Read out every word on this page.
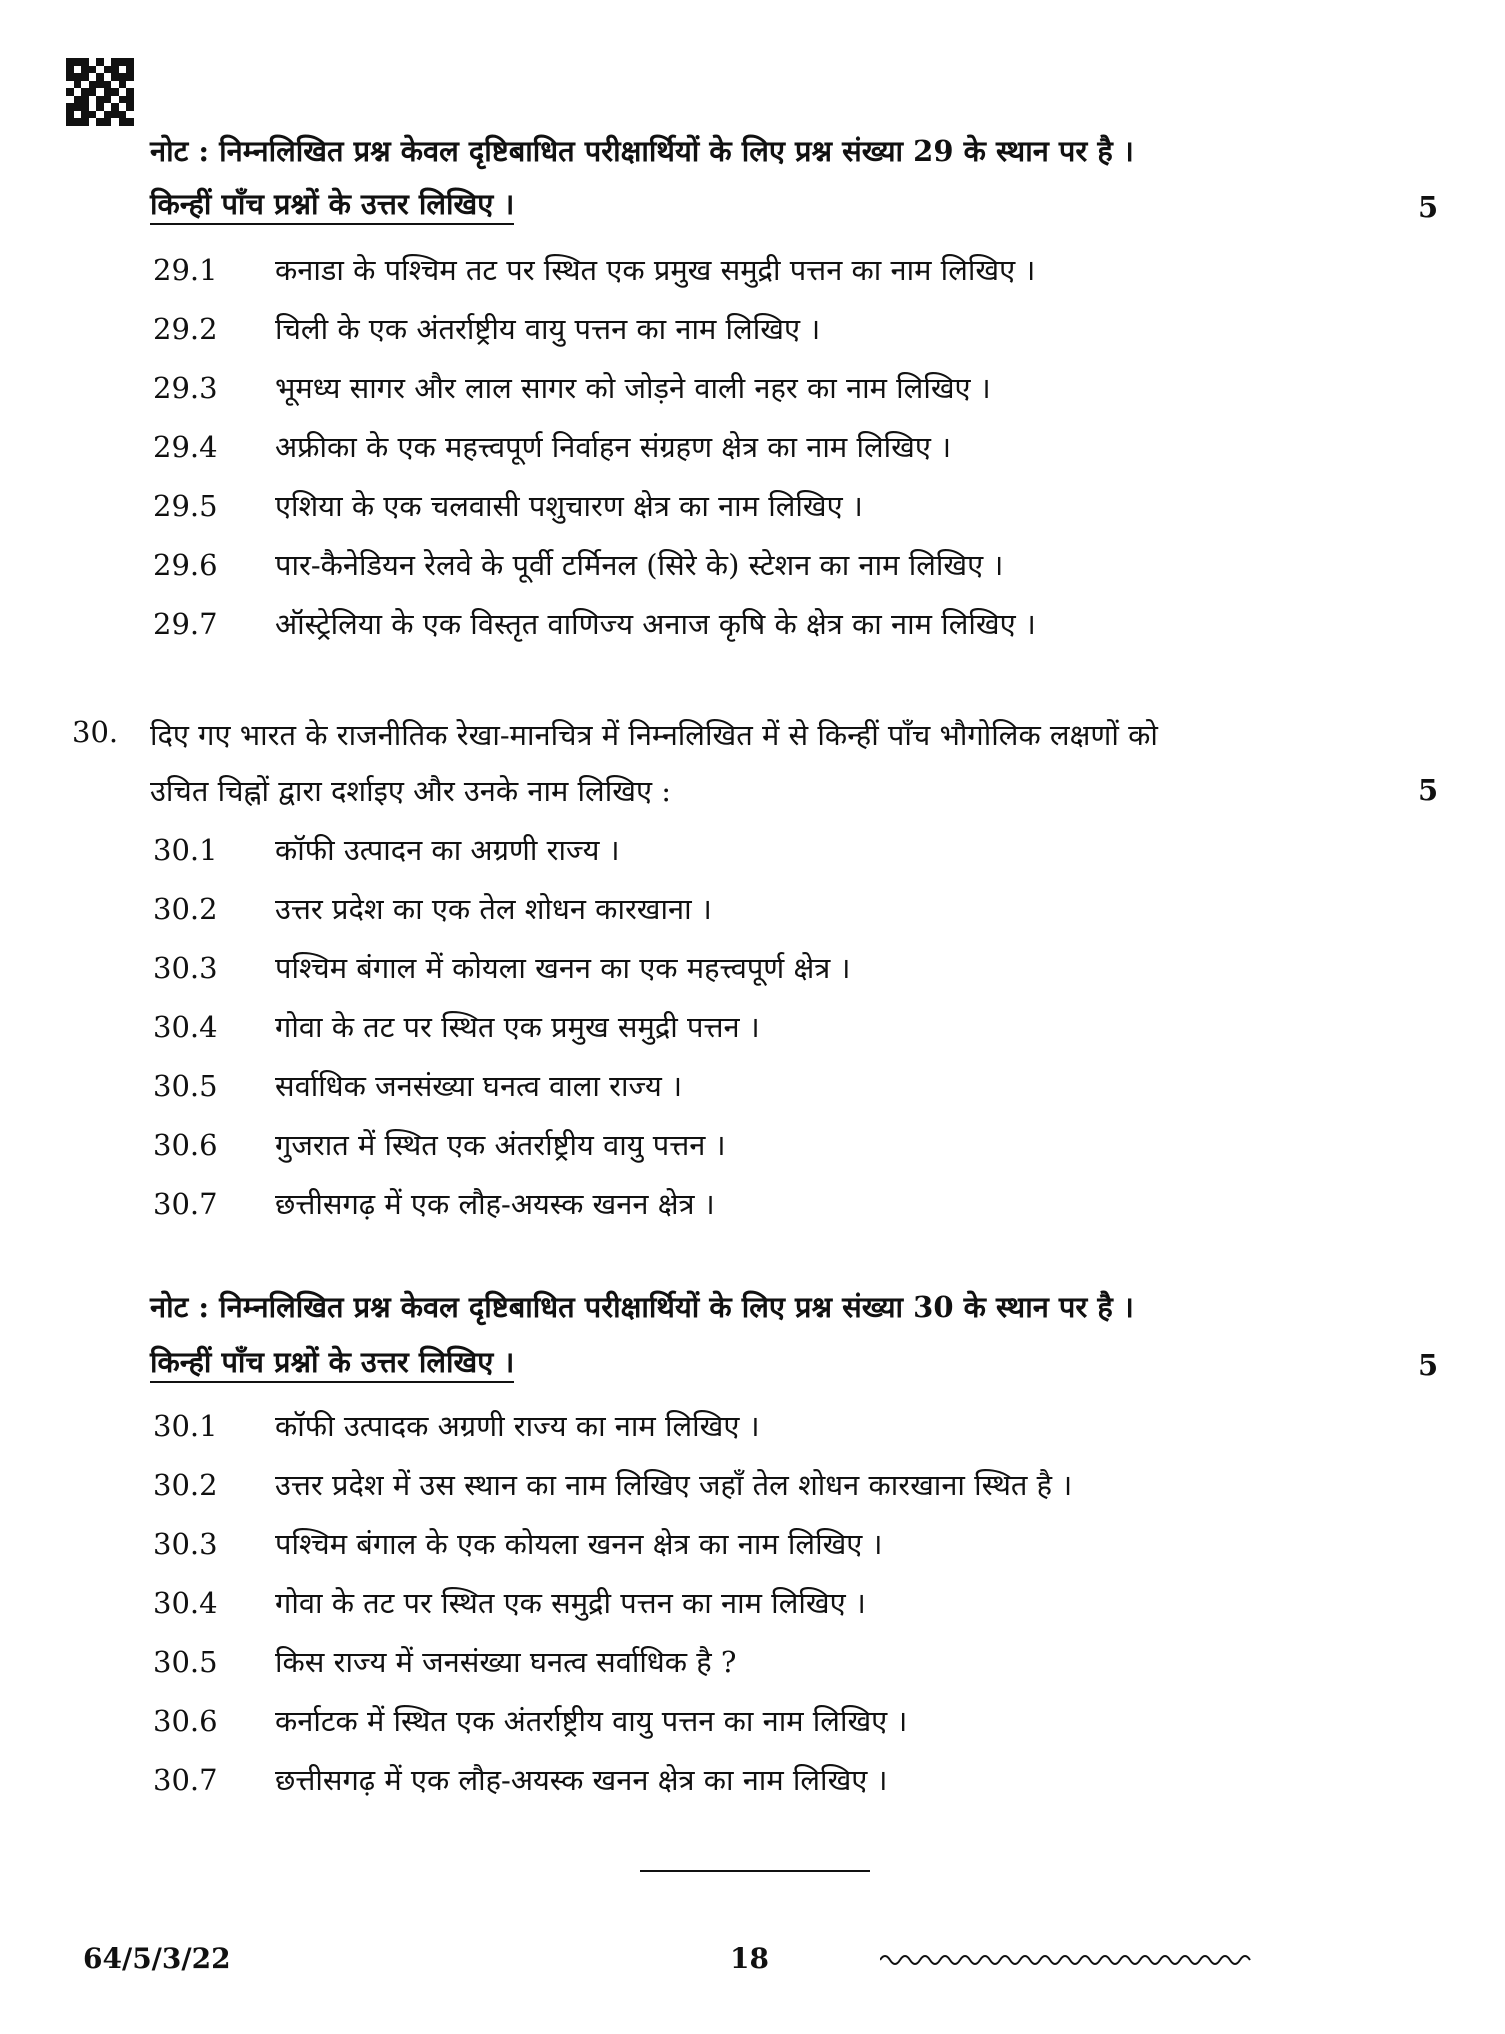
नोट : निम्नलिखित प्रश्न केवल दृष्टिबाधित परीक्षार्थियों के लिए प्रश्न संख्या 29 के स्थान पर है ।
किन्हीं पाँच प्रश्नों के उत्तर लिखिए ।	5
29.1 कनाडा के पश्चिम तट पर स्थित एक प्रमुख समुद्री पत्तन का नाम लिखिए ।
29.2 चिली के एक अंतर्राष्ट्रीय वायु पत्तन का नाम लिखिए ।
29.3 भूमध्य सागर और लाल सागर को जोड़ने वाली नहर का नाम लिखिए ।
29.4 अफ्रीका के एक महत्त्वपूर्ण निर्वाहन संग्रहण क्षेत्र का नाम लिखिए ।
29.5 एशिया के एक चलवासी पशुचारण क्षेत्र का नाम लिखिए ।
29.6 पार-कैनेडियन रेलवे के पूर्वी टर्मिनल (सिरे के) स्टेशन का नाम लिखिए ।
29.7 ऑस्ट्रेलिया के एक विस्तृत वाणिज्य अनाज कृषि के क्षेत्र का नाम लिखिए ।
30. दिए गए भारत के राजनीतिक रेखा-मानचित्र में निम्नलिखित में से किन्हीं पाँच भौगोलिक लक्षणों को
उचित चिह्नों द्वारा दर्शाइए और उनके नाम लिखिए :	5
30.1 कॉफी उत्पादन का अग्रणी राज्य ।
30.2 उत्तर प्रदेश का एक तेल शोधन कारखाना ।
30.3 पश्चिम बंगाल में कोयला खनन का एक महत्त्वपूर्ण क्षेत्र ।
30.4 गोवा के तट पर स्थित एक प्रमुख समुद्री पत्तन ।
30.5 सर्वाधिक जनसंख्या घनत्व वाला राज्य ।
30.6 गुजरात में स्थित एक अंतर्राष्ट्रीय वायु पत्तन ।
30.7 छत्तीसगढ़ में एक लौह-अयस्क खनन क्षेत्र ।
नोट : निम्नलिखित प्रश्न केवल दृष्टिबाधित परीक्षार्थियों के लिए प्रश्न संख्या 30 के स्थान पर है ।
किन्हीं पाँच प्रश्नों के उत्तर लिखिए ।	5
30.1 कॉफी उत्पादक अग्रणी राज्य का नाम लिखिए ।
30.2 उत्तर प्रदेश में उस स्थान का नाम लिखिए जहाँ तेल शोधन कारखाना स्थित है ।
30.3 पश्चिम बंगाल के एक कोयला खनन क्षेत्र का नाम लिखिए ।
30.4 गोवा के तट पर स्थित एक समुद्री पत्तन का नाम लिखिए ।
30.5 किस राज्य में जनसंख्या घनत्व सर्वाधिक है ?
30.6 कर्नाटक में स्थित एक अंतर्राष्ट्रीय वायु पत्तन का नाम लिखिए ।
30.7 छत्तीसगढ़ में एक लौह-अयस्क खनन क्षेत्र का नाम लिखिए ।
64/5/3/22	18
